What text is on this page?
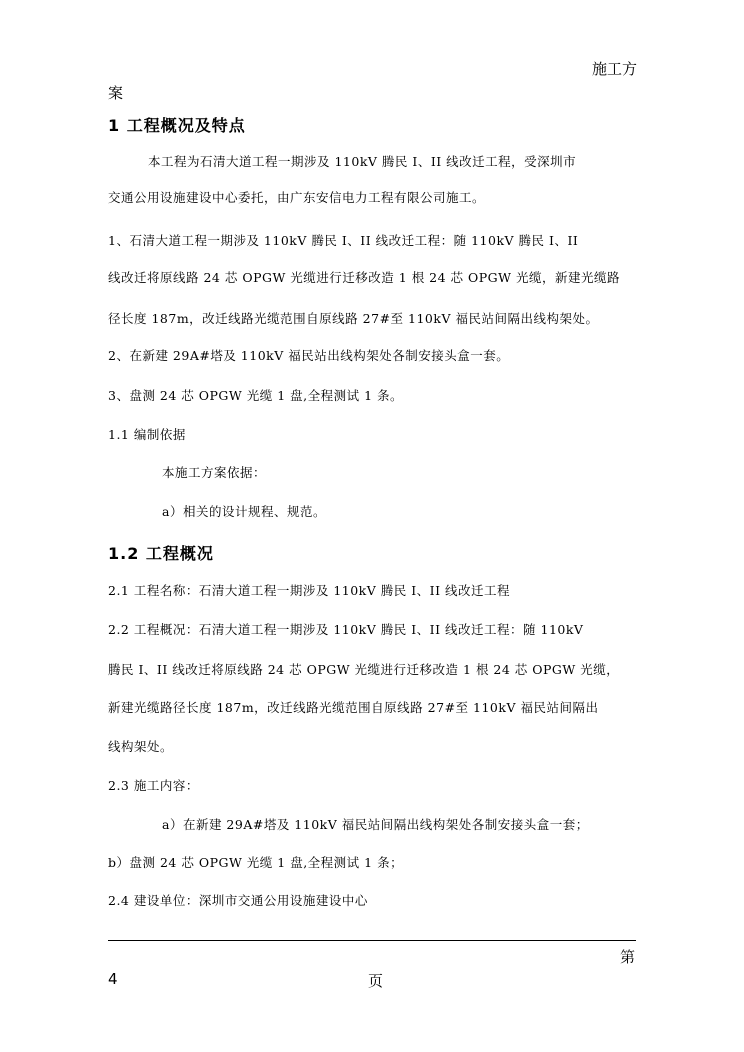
施工方
案
1 工程概况及特点
本工程为石清大道工程一期涉及 110kV 腾民 I、II 线改迁工程，受深圳市
交通公用设施建设中心委托，由广东安信电力工程有限公司施工。
1、石清大道工程一期涉及 110kV 腾民 I、II 线改迁工程：随 110kV 腾民 I、II
线改迁将原线路 24 芯 OPGW 光缆进行迁移改造 1 根 24 芯 OPGW 光缆，新建光缆路
径长度 187m，改迁线路光缆范围自原线路 27#至 110kV 福民站间隔出线构架处。
2、在新建 29A#塔及 110kV 福民站出线构架处各制安接头盒一套。
3、盘测 24 芯 OPGW 光缆 1 盘,全程测试 1 条。
1.1 编制依据
本施工方案依据：
a）相关的设计规程、规范。
1.2 工程概况
2.1 工程名称：石清大道工程一期涉及 110kV 腾民 I、II 线改迁工程
2.2 工程概况：石清大道工程一期涉及 110kV 腾民 I、II 线改迁工程：随 110kV
腾民 I、II 线改迁将原线路 24 芯 OPGW 光缆进行迁移改造 1 根 24 芯 OPGW 光缆，
新建光缆路径长度 187m，改迁线路光缆范围自原线路 27#至 110kV 福民站间隔出
线构架处。
2.3 施工内容：
a）在新建 29A#塔及 110kV 福民站间隔出线构架处各制安接头盒一套；
b）盘测 24 芯 OPGW 光缆 1 盘,全程测试 1 条；
2.4 建设单位：深圳市交通公用设施建设中心
第
4	页
